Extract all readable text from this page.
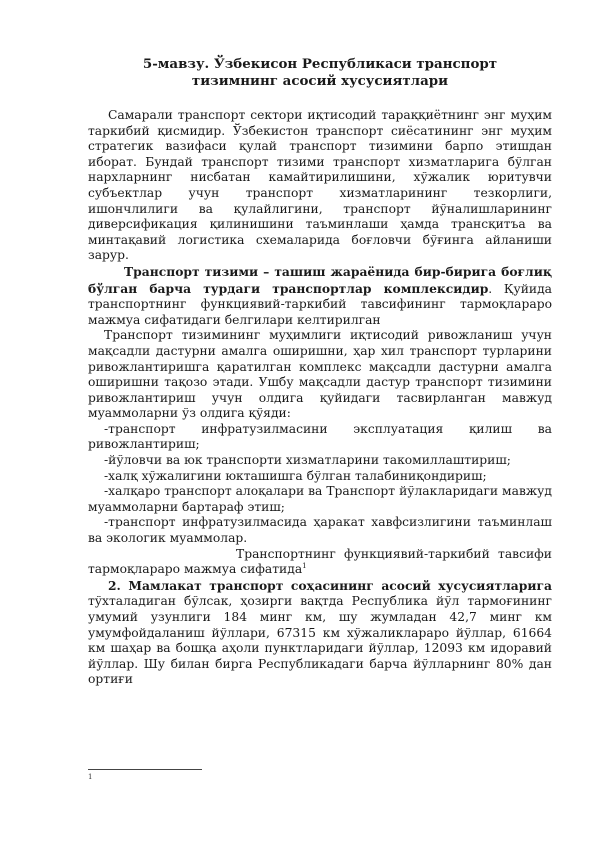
5-мавзу. Ўзбекисон Республикаси транспорт
тизимнинг асосий хусусиятлари

Самарали транспорт сектори иқтисодий тараққиётнинг энг муҳим таркибий қисмидир. Ўзбекистон транспорт сиёсатининг энг муҳим стратегик вазифаси қулай транспорт тизимини барпо этишдан иборат. Бундай транспорт тизими транспорт хизматларига бўлган нархларнинг нисбатан камайтирилишини, хўжалик юритувчи субъектлар учун транспорт хизматларининг тезкорлиги, ишончлилиги ва қулайлигини, транспорт йўналишларининг диверсификация қилинишини таъминлаши ҳамда трансқитъа ва минтақавий логистика схемаларида боғловчи бўғинга айланиши зарур.

Транспорт тизими – ташиш жараёнида бир-бирига боғлиқ бўлган барча турдаги транспортлар комплексидир. Қуйида транспортнинг функциявий-таркибий тавсифининг тармоқлараро мажмуа сифатидаги белгилари келтирилган

Транспорт тизимининг муҳимлиги иқтисодий ривожланиш учун мақсадли дастурни амалга оширишни, ҳар хил транспорт турларини ривожлантиришга қаратилган комплекс мақсадли дастурни амалга оширишни тақозо этади. Ушбу мақсадли дастур транспорт тизимини ривожлантириш учун олдига қуйидаги тасвирланган мавжуд муаммоларни ўз олдига қўяди:

-транспорт инфратузилмасини эксплуатация қилиш ва ривожлантириш;

-йўловчи ва юк транспорти хизматларини такомиллаштириш;

-халқ хўжалигини юкташишга бўлган талабиниқондириш;

-халқаро транспорт алоқалари ва Транспорт йўлакларидаги мавжуд муаммоларни бартараф этиш;

-транспорт инфратузилмасида ҳаракат хавфсизлигини таъминлаш ва экологик муаммолар.

Транспортнинг функциявий-таркибий тавсифи тармоқлараро мажмуа сифатида$^1$

2. Мамлакат транспорт соҳасининг асосий хусусиятларига тўхталадиган бўлсак, ҳозирги вақтда Республика йўл тармоғининг умумий узунлиги 184 минг км, шу жумладан 42,7 минг км умумфойдаланиш йўллари, 67315 км хўжаликлараро йўллар, 61664 км шаҳар ва бошқа аҳоли пунктларидаги йўллар, 12093 км идоравий йўллар. Шу билан бирга Республикадаги барча йўлларнинг 80% дан ортиғи

1
